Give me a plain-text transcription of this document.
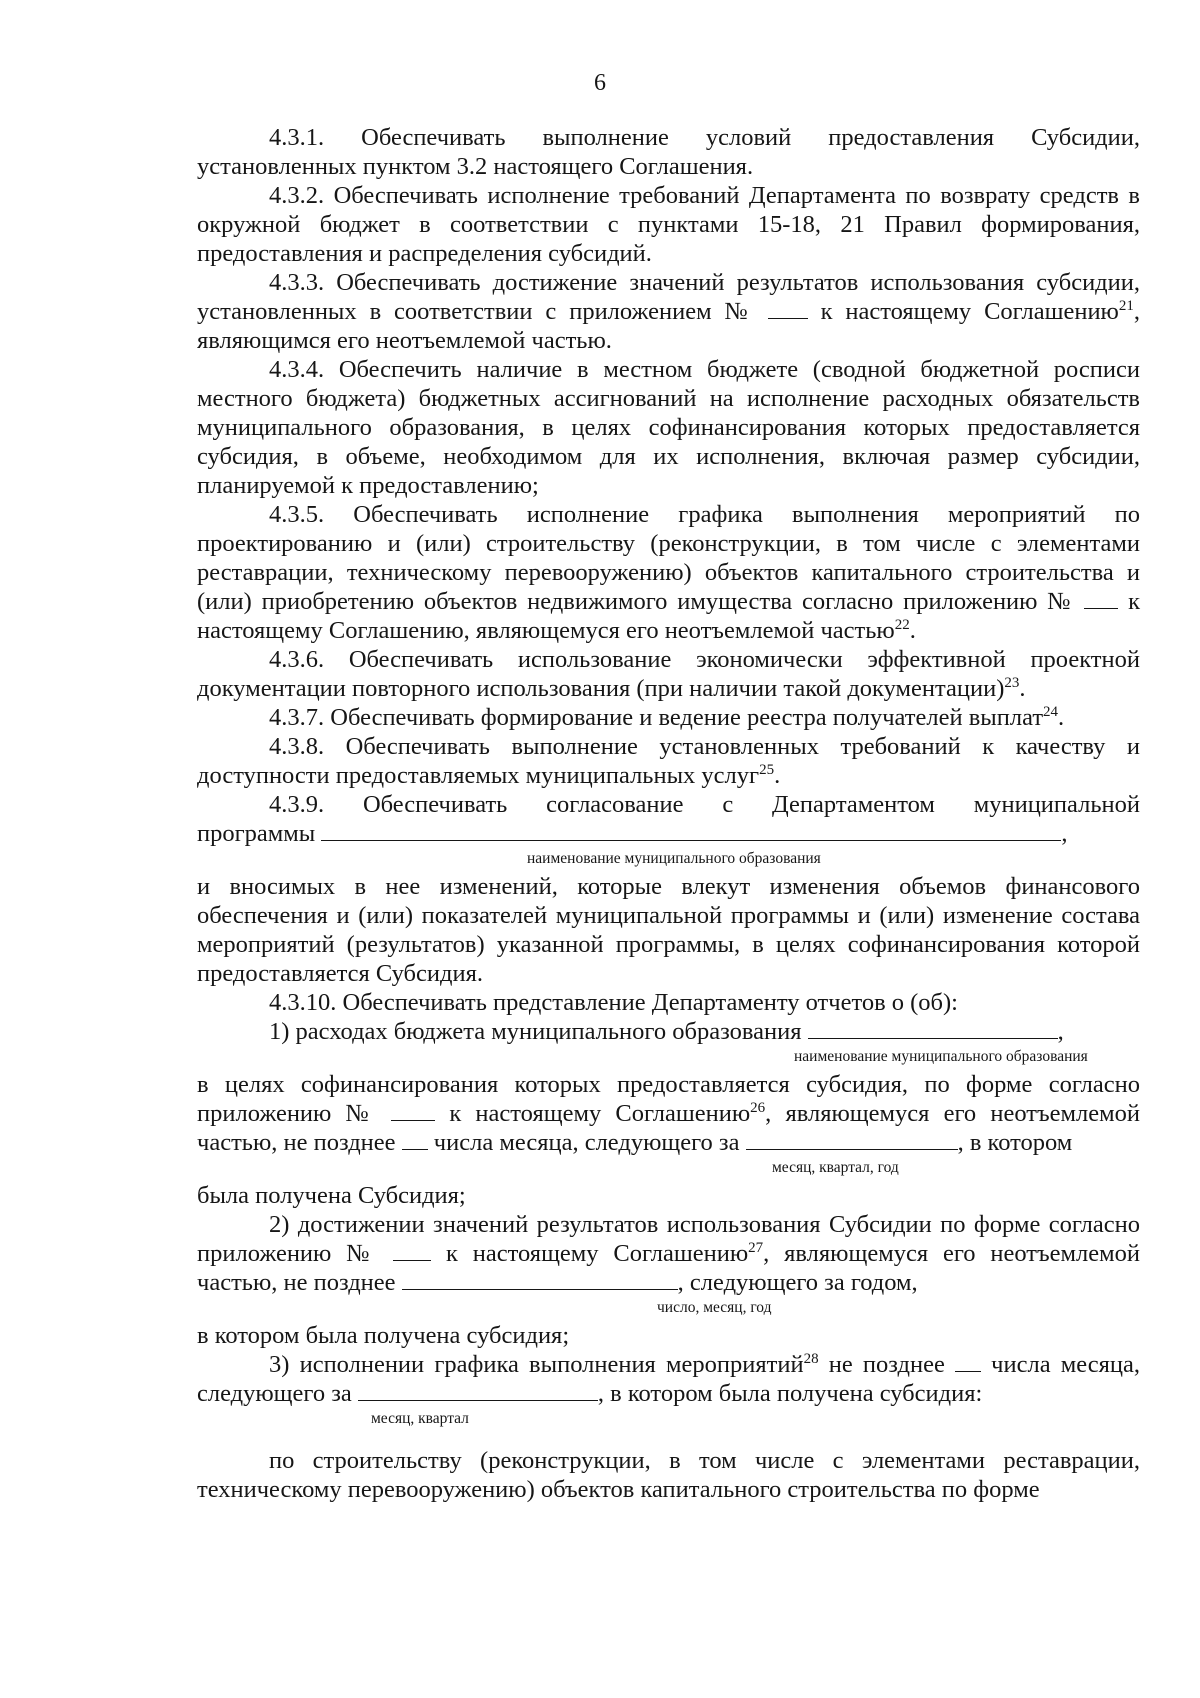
6

4.3.1. Обеспечивать выполнение условий предоставления Субсидии,

установленных пунктом 3.2 настоящего Соглашения.

4.3.2. Обеспечивать исполнение требований Департамента по возврату средств в окружной бюджет в соответствии с пунктами 15-18, 21 Правил формирования, предоставления и распределения субсидий.

4.3.3. Обеспечивать достижение значений результатов использования субсидии, установленных в соответствии с приложением №	к настоящему Соглашению$^{21}$, являющимся его неотъемлемой частью.

4.3.4. Обеспечить наличие в местном бюджете (сводной бюджетной росписи местного бюджета) бюджетных ассигнований на исполнение расходных обязательств муниципального образования, в целях софинансирования которых предоставляется субсидия, в объеме, необходимом для их исполнения, включая размер субсидии, планируемой к предоставлению;

4.3.5. Обеспечивать исполнение графика выполнения мероприятий по проектированию и (или) строительству (реконструкции, в том числе с элементами реставрации, техническому перевооружению) объектов капитального строительства и (или) приобретению объектов недвижимого имущества согласно приложению № к настоящему Соглашению, являющемуся его неотъемлемой частью$^{22}$.

4.3.6. Обеспечивать использование экономически эффективной проектной документации повторного использования (при наличии такой документации)$^{23}$.

4.3.7. Обеспечивать формирование и ведение реестра получателей выплат$^{24}$.

4.3.8. Обеспечивать выполнение установленных требований к качеству и доступности предоставляемых муниципальных услуг$^{25}$.

4.3.9. Обеспечивать согласование с Департаментом муниципальной

программы	,

наименование муниципального образования

и вносимых в нее изменений, которые влекут изменения объемов финансового обеспечения и (или) показателей муниципальной программы и (или) изменение состава мероприятий (результатов) указанной программы, в целях софинансирования которой предоставляется Субсидия.

4.3.10. Обеспечивать представление Департаменту отчетов о (об):

1) расходах бюджета муниципального образования	,

наименование муниципального образования

в целях софинансирования которых предоставляется субсидия, по форме согласно приложению №	к настоящему Соглашению$^{26}$, являющемуся его неотъемлемой частью, не позднее числа месяца, следующего за	, в котором

месяц, квартал, год

была получена Субсидия;

2) достижении значений результатов использования Субсидии по форме согласно приложению №	к настоящему Соглашению$^{27}$, являющемуся его неотъемлемой частью, не позднее	, следующего за годом,

число, месяц, год

в котором была получена субсидия;

3) исполнении графика выполнения мероприятий$^{28}$ не позднее числа месяца,

следующего за	, в котором была получена субсидия:

месяц, квартал

по строительству (реконструкции, в том числе с элементами реставрации, техническому перевооружению) объектов капитального строительства по форме
